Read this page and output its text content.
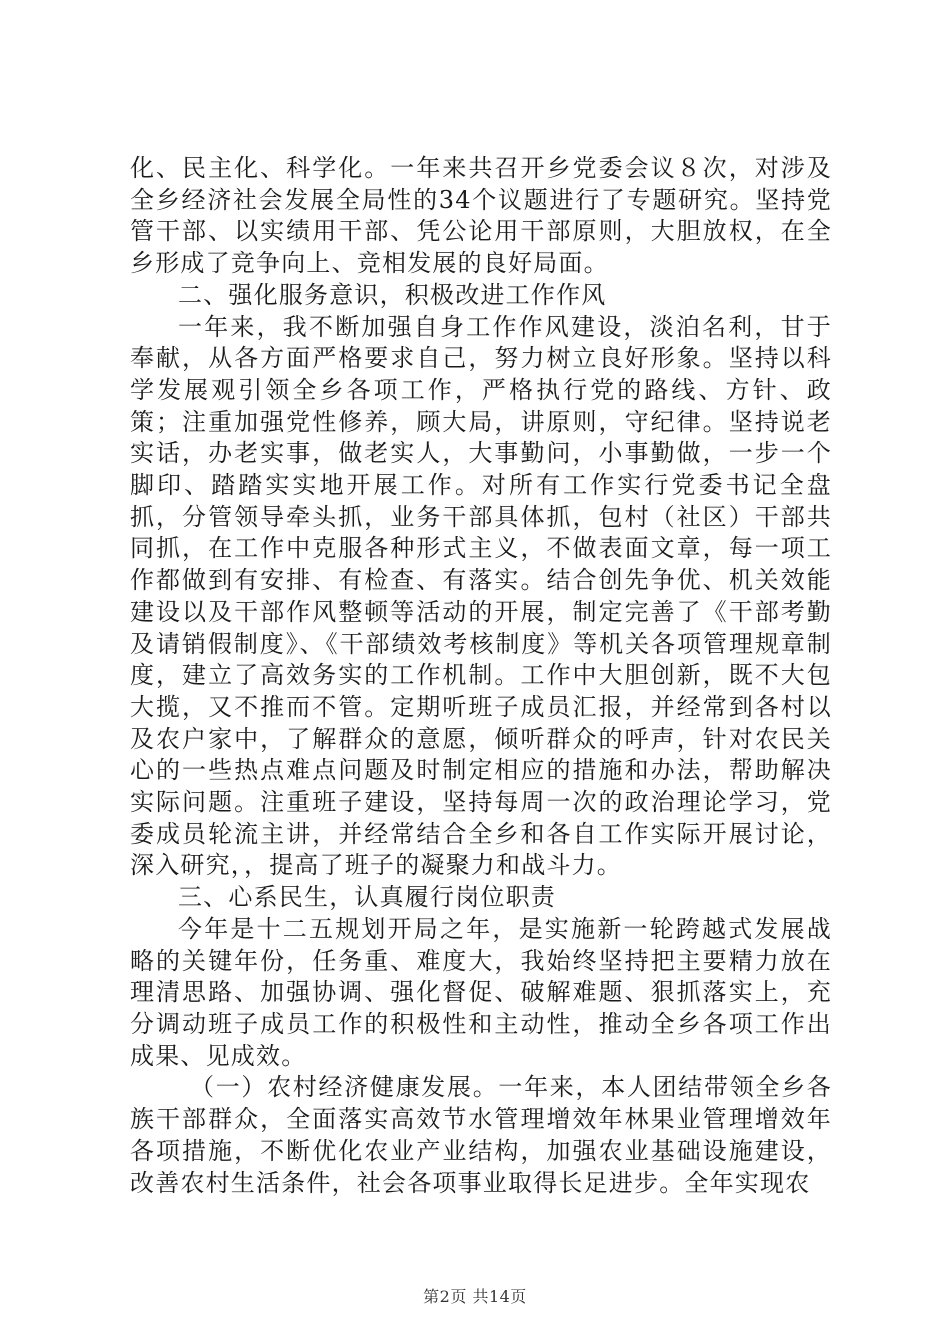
化、民主化、科学化。一年来共召开乡党委会议８次，对涉及全乡经济社会发展全局性的34个议题进行了专题研究。坚持党管干部、以实绩用干部、凭公论用干部原则，大胆放权，在全乡形成了竞争向上、竞相发展的良好局面。

二、强化服务意识，积极改进工作作风

一年来，我不断加强自身工作作风建设，淡泊名利，甘于奉献，从各方面严格要求自己，努力树立良好形象。坚持以科学发展观引领全乡各项工作，严格执行党的路线、方针、政策；注重加强党性修养，顾大局，讲原则，守纪律。坚持说老实话，办老实事，做老实人，大事勤问，小事勤做，一步一个脚印、踏踏实实地开展工作。对所有工作实行党委书记全盘抓，分管领导牵头抓，业务干部具体抓，包村（社区）干部共同抓，在工作中克服各种形式主义，不做表面文章，每一项工作都做到有安排、有检查、有落实。结合创先争优、机关效能建设以及干部作风整顿等活动的开展，制定完善了《干部考勤及请销假制度》、《干部绩效考核制度》等机关各项管理规章制度，建立了高效务实的工作机制。工作中大胆创新，既不大包大揽，又不推而不管。定期听班子成员汇报，并经常到各村以及农户家中，了解群众的意愿，倾听群众的呼声，针对农民关心的一些热点难点问题及时制定相应的措施和办法，帮助解决实际问题。注重班子建设，坚持每周一次的政治理论学习，党委成员轮流主讲，并经常结合全乡和各自工作实际开展讨论，深入研究，，提高了班子的凝聚力和战斗力。

三、心系民生，认真履行岗位职责

今年是十二五规划开局之年，是实施新一轮跨越式发展战略的关键年份，任务重、难度大，我始终坚持把主要精力放在理清思路、加强协调、强化督促、破解难题、狠抓落实上，充分调动班子成员工作的积极性和主动性，推动全乡各项工作出成果、见成效。

（一）农村经济健康发展。一年来，本人团结带领全乡各族干部群众，全面落实高效节水管理增效年林果业管理增效年各项措施，不断优化农业产业结构，加强农业基础设施建设，改善农村生活条件，社会各项事业取得长足进步。全年实现农

第2页 共14页
